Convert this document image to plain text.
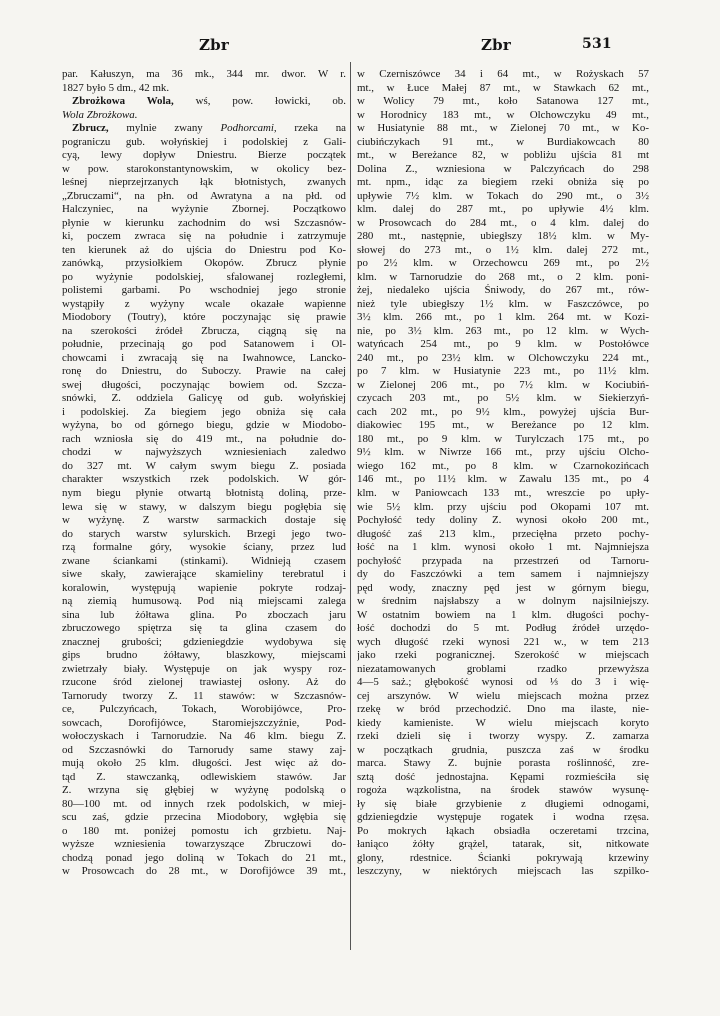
Zbr	Zbr	531
par. Kałuszyn, ma 36 mk., 344 mr. dwor. W r.
1827 było 5 dm., 42 mk.
Zbrożkowa Wola, wś, pow. łowicki, ob.
Wola Zbrożkowa.
Zbrucz, mylnie zwany Podhorcami, rzeka na
pograniczu gub. wołyńskiej i podolskiej z Gali-
cyą, lewy dopływ Dniestru. Bierze początek
w pow. starokonstantynowskim, w okolicy bez-
leśnej nieprzejrzanych łąk błotnistych, zwanych
„Zbruczami“, na płn. od Awratyna a na płd. od
Halczyniec, na wyżynie Zbornej. Początkowo
płynie w kierunku zachodnim do wsi Szczasnów-
ki, poczem zwraca się na południe i zatrzymuje
ten kierunek aż do ujścia do Dniestru pod Ko-
zanówką, przysiołkiem Okopów. Zbrucz płynie
po wyżynie podolskiej, sfalowanej rozległemi,
polistemi garbami. Po wschodniej jego stronie
wystąpiły z wyżyny wcale okazałe wapienne
Miodobory (Toutry), które poczynając się prawie
na szerokości źródeł Zbrucza, ciągną się na
południe, przecinają go pod Satanowem i Ol-
chowcami i zwracają się na Iwahnowce, Lancko-
ronę do Dniestru, do Suboczy. Prawie na całej
swej długości, poczynając bowiem od. Szcza-
snówki, Z. oddziela Galicyę od gub. wołyńskiej
i podolskiej. Za biegiem jego obniża się cała
wyżyna, bo od górnego biegu, gdzie w Miodobo-
rach wzniosła się do 419 mt., na południe do-
chodzi w najwyższych wzniesieniach zaledwo
do 327 mt. W całym swym biegu Z. posiada
charakter wszystkich rzek podolskich. W gór-
nym biegu płynie otwartą błotnistą doliną, prze-
lewa się w stawy, w dalszym biegu pogłębia się
w wyżynę. Z warstw sarmackich dostaje się
do starych warstw sylurskich. Brzegi jego two-
rzą formalne góry, wysokie ściany, przez lud
zwane ściankami (stinkami). Widnieją czasem
siwe skały, zawierające skamieliny terebratul i
koralowin, występują wapienie pokryte rodzaj-
ną ziemią humusową. Pod nią miejscami zalega
sina lub żółtawa glina. Po zboczach jaru
zbruczowego spiętrza się ta glina czasem do
znacznej grubości; gdzieniegdzie wydobywa się
gips brudno żółtawy, blaszkowy, miejscami
zwietrzały biały. Występuje on jak wyspy roz-
rzucone śród zielonej trawiastej osłony. Aż do
Tarnorudy tworzy Z. 11 stawów: w Szczasnów-
ce, Pulczyńcach, Tokach, Worobijówce, Pro-
sowcach, Dorofijówce, Staromiejszczyźnie, Pod-
wołoczyskach i Tarnorudzie. Na 46 klm. biegu Z.
od Szczasnówki do Tarnorudy same stawy zaj-
mują około 25 klm. długości. Jest więc aż do-
tąd Z. stawczanką, odlewiskiem stawów. Jar
Z. wrzyna się głębiej w wyżynę podolską o
80—100 mt. od innych rzek podolskich, w miej-
scu zaś, gdzie przecina Miodobory, wgłębia się
o 180 mt. poniżej pomostu ich grzbietu. Naj-
wyższe wzniesienia towarzyszące Zbruczowi do-
chodzą ponad jego doliną w Tokach do 21 mt.,
w Prosowcach do 28 mt., w Dorofijówce 39 mt.,
w Czerniszówce 34 i 64 mt., w Rożyskach 57
mt., w Łuce Małej 87 mt., w Stawkach 62 mt.,
w Wolicy 79 mt., koło Satanowa 127 mt.,
w Horodnicy 183 mt., w Olchowczyku 49 mt.,
w Husiatynie 88 mt., w Zielonej 70 mt., w Ko-
ciubińczykach 91 mt., w Burdiakowcach 80
mt., w Bereżance 82, w pobliżu ujścia 81 mt
Dolina Z., wzniesiona w Palczyńcach do 298
mt. npm., idąc za biegiem rzeki obniża się po
upływie 7½ klm. w Tokach do 290 mt., o 3½
klm. dalej do 287 mt., po upływie 4½ klm.
w Prosowcach do 284 mt., o 4 klm. dalej do
280 mt., następnie, ubiegłszy 18½ klm. w My-
słowej do 273 mt., o 1½ klm. dalej 272 mt.,
po 2½ klm. w Orzechowcu 269 mt., po 2½
klm. w Tarnorudzie do 268 mt., o 2 klm. poni-
żej, niedaleko ujścia Śniwody, do 267 mt., rów-
nież tyle ubiegłszy 1½ klm. w Faszczówce, po
3½ klm. 266 mt., po 1 klm. 264 mt. w Kozi-
nie, po 3½ klm. 263 mt., po 12 klm. w Wych-
watyńcach 254 mt., po 9 klm. w Postołówce
240 mt., po 23½ klm. w Olchowczyku 224 mt.,
po 7 klm. w Husiatynie 223 mt., po 11½ klm.
w Zielonej 206 mt., po 7½ klm. w Kociubiń-
czycach 203 mt., po 5½ klm. w Siekierzyń-
cach 202 mt., po 9½ klm., powyżej ujścia Bur-
diakowiec 195 mt., w Bereżance po 12 klm.
180 mt., po 9 klm. w Turylczach 175 mt., po
9½ klm. w Niwrze 166 mt., przy ujściu Olcho-
wiego 162 mt., po 8 klm. w Czarnokozińcach
146 mt., po 11½ klm. w Zawalu 135 mt., po 4
klm. w Paniowcach 133 mt., wreszcie po upły-
wie 5½ klm. przy ujściu pod Okopami 107 mt.
Pochyłość tedy doliny Z. wynosi około 200 mt.,
długość zaś 213 klm., przecięłna przeto pochy-
łość na 1 klm. wynosi około 1 mt. Najmniejsza
pochyłość przypada na przestrzeń od Tarnoru-
dy do Faszczówki a tem samem i najmniejszy
pęd wody, znaczny pęd jest w górnym biegu,
w średnim najsłabszy a w dolnym najsilniejszy.
W ostatnim bowiem na 1 klm. długości pochy-
łość dochodzi do 5 mt. Podług źródeł urzędo-
wych długość rzeki wynosi 221 w., w tem 213
jako rzeki pogranicznej. Szerokość w miejscach
niezatamowanych groblami rzadko przewyższa
4—5 saż.; głębokość wynosi od ⅓ do 3 i wię-
cej arszynów. W wielu miejscach można przez
rzekę w bród przechodzić. Dno ma ilaste, nie-
kiedy kamieniste. W wielu miejscach koryto
rzeki dzieli się i tworzy wyspy. Z. zamarza
w początkach grudnia, puszcza zaś w środku
marca. Stawy Z. bujnie porasta roślinność, zre-
sztą dość jednostajna. Kępami rozmieściła się
rogoża wązkolistna, na środek stawów wysunę-
ły się białe grzybienie z długiemi odnogami,
gdzieniegdzie występuje rogatek i wodna rzęsa.
Po mokrych łąkach obsiadła oczeretami trzcina,
łaniąco żółty grążel, tatarak, sit, nitkowate
glony, rdestnice. Ścianki pokrywają krzewiny
leszczyny, w niektórych miejscach las szpilko-
